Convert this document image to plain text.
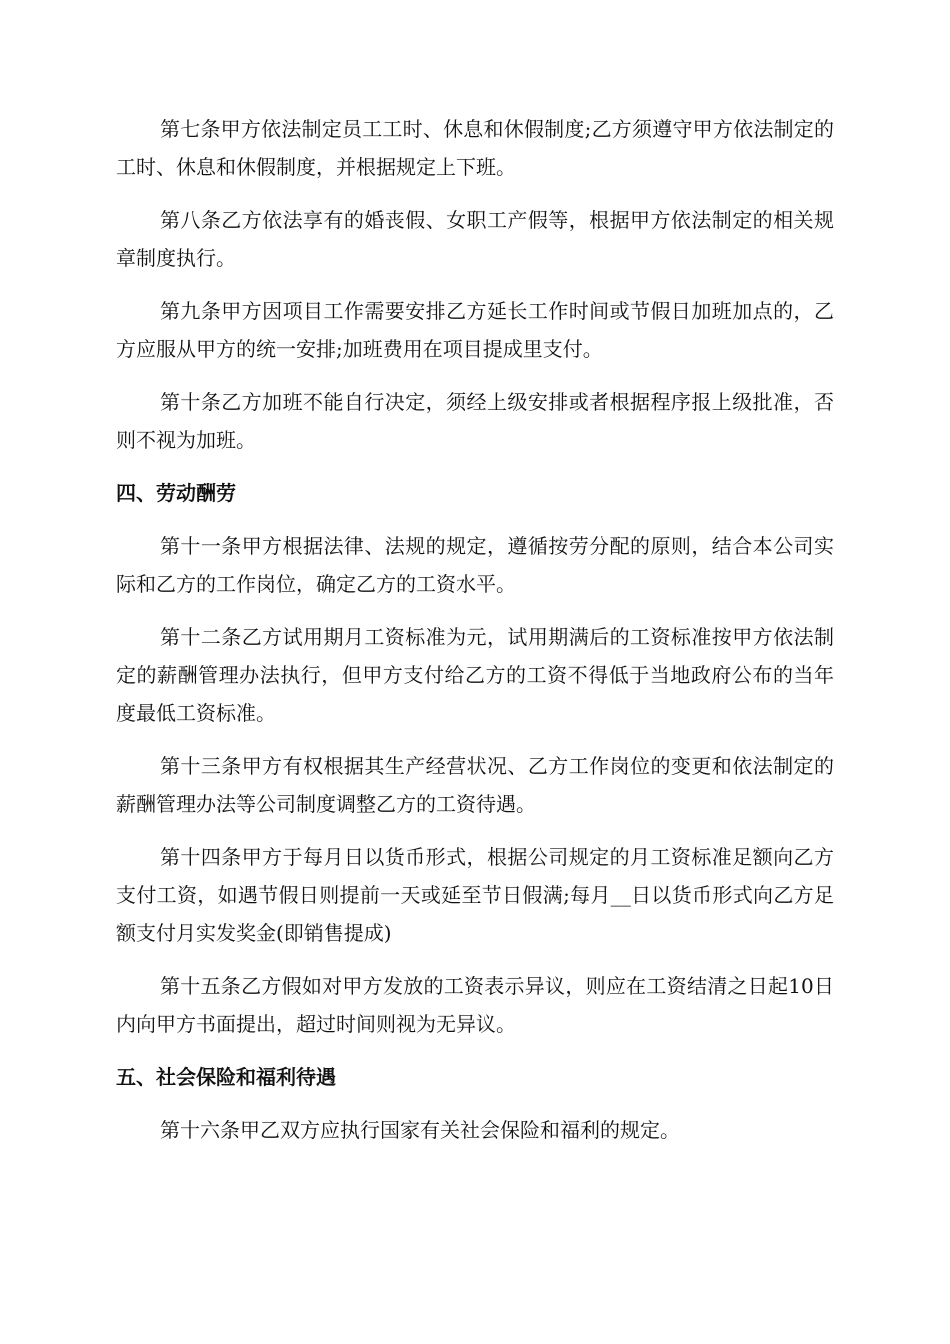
第七条甲方依法制定员工工时、休息和休假制度;乙方须遵守甲方依法制定的工时、休息和休假制度，并根据规定上下班。

第八条乙方依法享有的婚丧假、女职工产假等，根据甲方依法制定的相关规章制度执行。

第九条甲方因项目工作需要安排乙方延长工作时间或节假日加班加点的，乙方应服从甲方的统一安排;加班费用在项目提成里支付。

第十条乙方加班不能自行决定，须经上级安排或者根据程序报上级批准，否则不视为加班。

四、劳动酬劳

第十一条甲方根据法律、法规的规定，遵循按劳分配的原则，结合本公司实际和乙方的工作岗位，确定乙方的工资水平。

第十二条乙方试用期月工资标准为元，试用期满后的工资标准按甲方依法制定的薪酬管理办法执行，但甲方支付给乙方的工资不得低于当地政府公布的当年度最低工资标准。

第十三条甲方有权根据其生产经营状况、乙方工作岗位的变更和依法制定的薪酬管理办法等公司制度调整乙方的工资待遇。

第十四条甲方于每月日以货币形式，根据公司规定的月工资标准足额向乙方支付工资，如遇节假日则提前一天或延至节日假满;每月__日以货币形式向乙方足额支付月实发奖金(即销售提成)

第十五条乙方假如对甲方发放的工资表示异议，则应在工资结清之日起10日内向甲方书面提出，超过时间则视为无异议。

五、社会保险和福利待遇

第十六条甲乙双方应执行国家有关社会保险和福利的规定。
